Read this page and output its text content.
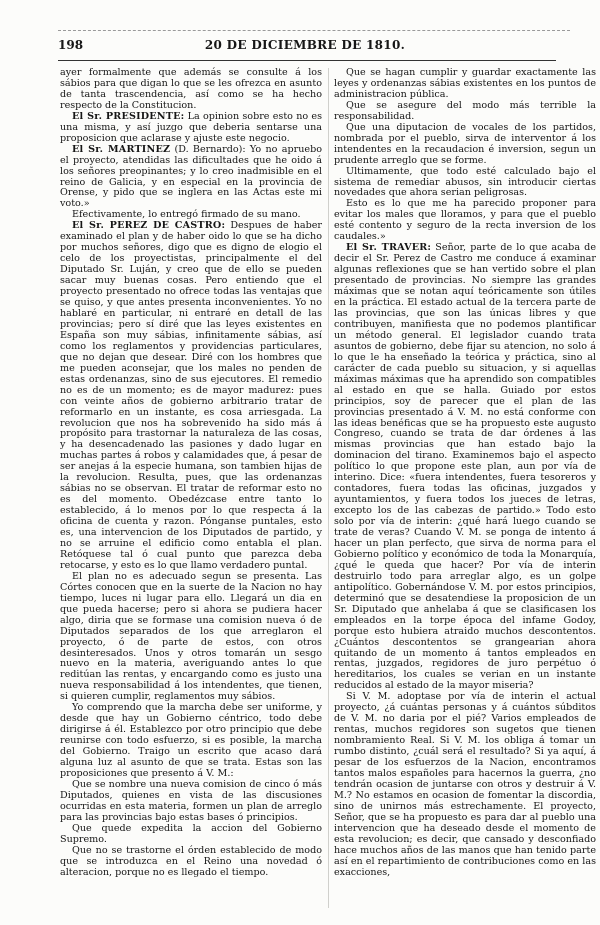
198	20 DE DICIEMBRE DE 1810.

ayer formalmente que además se consulte á los sábios para que digan lo que se les ofrezca en asunto de tanta trascendencia, así como se ha hecho respecto de la Constitucion.

El Sr. PRESIDENTE: La opinion sobre esto no es una misma, y así juzgo que deberia sentarse una proposicion que aclarase y ajuste este negocio.

El Sr. MARTINEZ (D. Bernardo): Yo no apruebo el proyecto, atendidas las dificultades que he oido á los señores preopinantes; y lo creo inadmisible en el reino de Galicia, y en especial en la provincia de Orense, y pido que se inglera en las Actas este mi voto.»

Efectivamente, lo entregó firmado de su mano.

El Sr. PEREZ DE CASTRO: Despues de haber examinado el plan y de haber oido lo que se ha dicho por muchos señores, digo que es digno de elogio el celo de los proyectistas, principalmente el del Diputado Sr. Luján, y creo que de ello se pueden sacar muy buenas cosas. Pero entiendo que el proyecto presentado no ofrece todas las ventajas que se quiso, y que antes presenta inconvenientes. Yo no hablaré en particular, ni entraré en detall de las provincias; pero sí diré que las leyes existentes en España son muy sábias, infinitamente sábias, así como los reglamentos y providencias particulares, que no dejan que desear. Diré con los hombres que me pueden aconsejar, que los males no penden de estas ordenanzas, sino de sus ejecutores. El remedio no es de un momento; es de mayor madurez: pues con veinte años de gobierno arbitrario tratar de reformarlo en un instante, es cosa arriesgada. La revolucion que nos ha sobrevenido ha sido más á propósito para trastornar la naturaleza de las cosas, y ha desencadenado las pasiones y dado lugar en muchas partes á robos y calamidades que, á pesar de ser anejas á la especie humana, son tambien hijas de la revolucion. Resulta, pues, que las ordenanzas sábias no se observan. El tratar de reformar esto no es del momento. Obedézcase entre tanto lo establecido, á lo menos por lo que respecta á la oficina de cuenta y razon. Pónganse puntales, esto es, una intervencion de los Diputados de partido, y no se arruine el edificio como entabla el plan. Retóquese tal ó cual punto que parezca deba retocarse, y esto es lo que llamo verdadero puntal.

El plan no es adecuado segun se presenta. Las Córtes conocen que en la suerte de la Nacion no hay tiempo, luces ni lugar para ello. Llegará un dia en que pueda hacerse; pero si ahora se pudiera hacer algo, diria que se formase una comision nueva ó de Diputados separados de los que arreglaron el proyecto, ó de parte de estos, con otros desinteresados. Unos y otros tomarán un sesgo nuevo en la materia, averiguando antes lo que reditúan las rentas, y encargando como es justo una nueva responsabilidad á los intendentes, que tienen, si quieren cumplir, reglamentos muy sábios.

Yo comprendo que la marcha debe ser uniforme, y desde que hay un Gobierno céntrico, todo debe dirigirse á él. Establezco por otro principio que debe reunirse con todo esfuerzo, si es posible, la marcha del Gobierno. Traigo un escrito que acaso dará alguna luz al asunto de que se trata. Estas son las proposiciones que presento á V. M.:

Que se nombre una nueva comision de cinco ó más Diputados, quienes en vista de las discusiones ocurridas en esta materia, formen un plan de arreglo para las provincias bajo estas bases ó principios.

Que quede expedita la accion del Gobierno Supremo.

Que no se trastorne el órden establecido de modo que se introduzca en el Reino una novedad ó alteracion, porque no es llegado el tiempo.

Que se hagan cumplir y guardar exactamente las leyes y ordenanzas sábias existentes en los puntos de administracion pública.

Que se asegure del modo más terrible la responsabilidad.

Que una diputacion de vocales de los partidos, nombrada por el pueblo, sirva de interventor á los intendentes en la recaudacion é inversion, segun un prudente arreglo que se forme.

Ultimamente, que todo esté calculado bajo el sistema de remediar abusos, sin introducir ciertas novedades que ahora serian peligrosas.

Esto es lo que me ha parecido proponer para evitar los males que lloramos, y para que el pueblo esté contento y seguro de la recta inversion de los caudales.»

El Sr. TRAVER: Señor, parte de lo que acaba de decir el Sr. Perez de Castro me conduce á examinar algunas reflexiones que se han vertido sobre el plan presentado de provincias. No siempre las grandes máximas que se notan aquí teóricamente son útiles en la práctica. El estado actual de la tercera parte de las provincias, que son las únicas libres y que contribuyen, manifiesta que no podemos plantificar un método general. El legislador cuando trata asuntos de gobierno, debe fijar su atencion, no solo á lo que le ha enseñado la teórica y práctica, sino al carácter de cada pueblo su situacion, y si aquellas máximas máximas que ha aprendido son compatibles al estado en que se halla. Guiado por estos principios, soy de parecer que el plan de las provincias presentado á V. M. no está conforme con las ideas benéficas que se ha propuesto este augusto Congreso, cuando se trata de dar órdenes á las mismas provincias que han estado bajo la dominacion del tirano. Examinemos bajo el aspecto político lo que propone este plan, aun por vía de interino. Dice: «fuera intendentes, fuera tesoreros y contadores, fuera todas las oficinas, juzgados y ayuntamientos, y fuera todos los jueces de letras, excepto los de las cabezas de partido.» Todo esto solo por vía de interin: ¿qué hará luego cuando se trate de veras? Cuando V. M. se ponga de intento á hacer un plan perfecto, que sirva de norma para el Gobierno político y económico de toda la Monarquía, ¿qué le queda que hacer? Por vía de interin destruirlo todo para arreglar algo, es un golpe antipolítico. Gobernándose V. M. por estos principios, determinó que se desatendiese la proposicion de un Sr. Diputado que anhelaba á que se clasificasen los empleados en la torpe época del infame Godoy, porque esto hubiera atraido muchos descontentos. ¿Cuántos descontentos se grangearian ahora quitando de un momento á tantos empleados en rentas, juzgados, regidores de juro perpétuo ó hereditarios, los cuales se verian en un instante reducidos al estado de la mayor miseria?

Si V. M. adoptase por vía de interin el actual proyecto, ¿á cuántas personas y á cuántos súbditos de V. M. no daria por el pié? Varios empleados de rentas, muchos regidores son sugetos que tienen nombramiento Real. Si V. M. los obliga á tomar un rumbo distinto, ¿cuál será el resultado? Si ya aquí, á pesar de los esfuerzos de la Nacion, encontramos tantos malos españoles para hacernos la guerra, ¿no tendrán ocasion de juntarse con otros y destruir á V. M.? No estamos en ocasion de fomentar la discordia, sino de unirnos más estrechamente. El proyecto, Señor, que se ha propuesto es para dar al pueblo una intervencion que ha deseado desde el momento de esta revolucion; es decir, que cansado y desconfiado hace muchos años de las manos que han tenido parte así en el repartimiento de contribuciones como en las exacciones,
